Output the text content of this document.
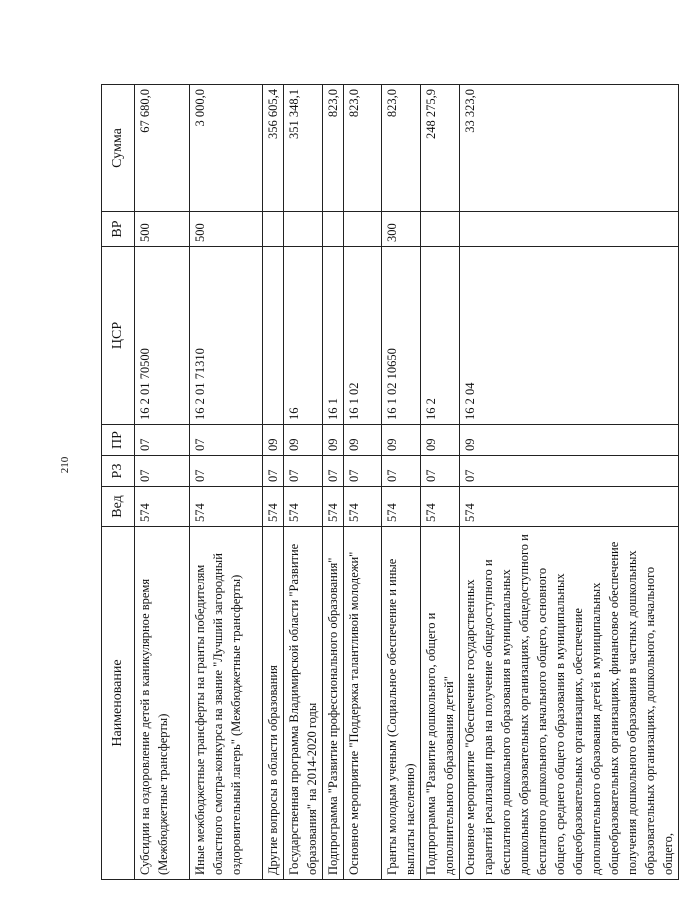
210
Наименование	Вед	РЗ	ПР	ЦСР	ВР	Сумма
Субсидии на оздоровление детей в каникулярное время (Межбюджетные трансферты)	574	07	07	16 2 01 70500	500	67 680,0
Иные межбюджетные трансферты на гранты победителям областного смотра-конкурса на звание "Лучший загородный оздоровительный лагерь" (Межбюджетные трансферты)	574	07	07	16 2 01 71310	500	3 000,0
Другие вопросы в области образования	574	07	09			356 605,4
Государственная программа Владимирской области "Развитие образования" на 2014-2020 годы	574	07	09	16		351 348,1
Подпрограмма "Развитие профессионального образования"	574	07	09	16 1		823,0
Основное мероприятие "Поддержка талантливой молодежи"	574	07	09	16 1 02		823,0
Гранты молодым ученым (Социальное обеспечение и иные выплаты населению)	574	07	09	16 1 02 10650	300	823,0
Подпрограмма "Развитие дошкольного, общего и дополнительного образования детей"	574	07	09	16 2		248 275,9
Основное мероприятие "Обеспечение государственных гарантий реализации прав на получение общедоступного и бесплатного дошкольного образования в муниципальных дошкольных образовательных организациях, общедоступного и бесплатного дошкольного, начального общего, основного общего, среднего общего образования в муниципальных общеобразовательных организациях, обеспечение дополнительного образования детей в муниципальных общеобразовательных организациях, финансовое обеспечение получения дошкольного образования в частных дошкольных образовательных организациях, дошкольного, начального общего,	574	07	09	16 2 04		33 323,0
